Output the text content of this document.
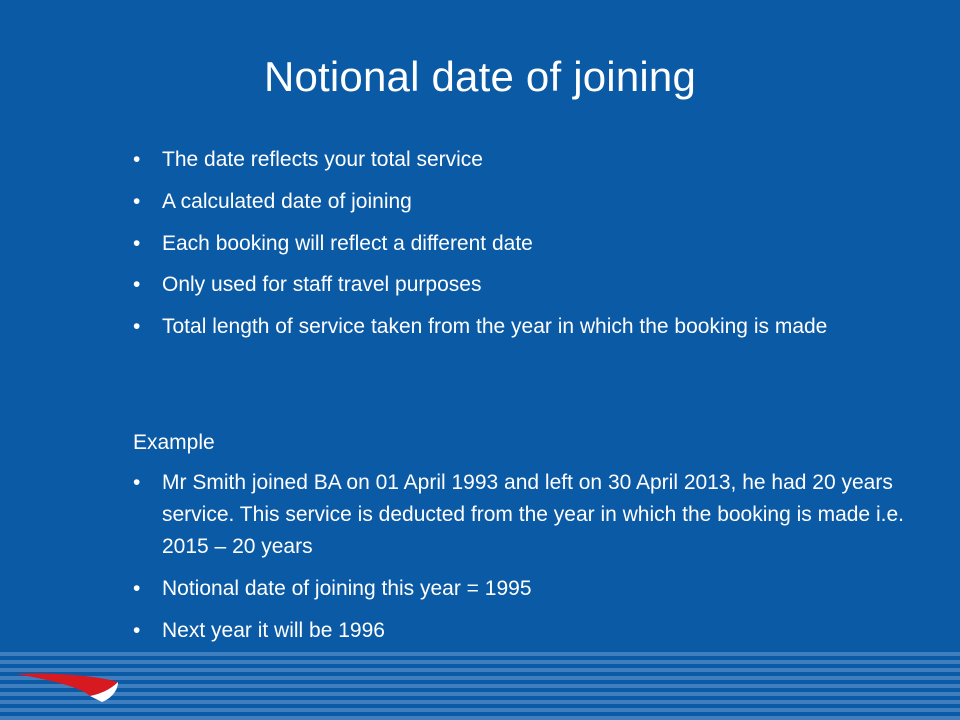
Notional date of joining
•	The date reflects your total service
•	A calculated date of joining
•	Each booking will reflect a different date
•	Only used for staff travel purposes
•	Total length of service taken from the year in which the booking is made
•	Mr Smith joined BA on 01 April 1993 and left on 30 April 2013, he had 20 years service. This service is deducted from the year in which the booking is made i.e. 2015 – 20 years
•	Notional date of joining this year = 1995
•	Next year it will be 1996
Example
